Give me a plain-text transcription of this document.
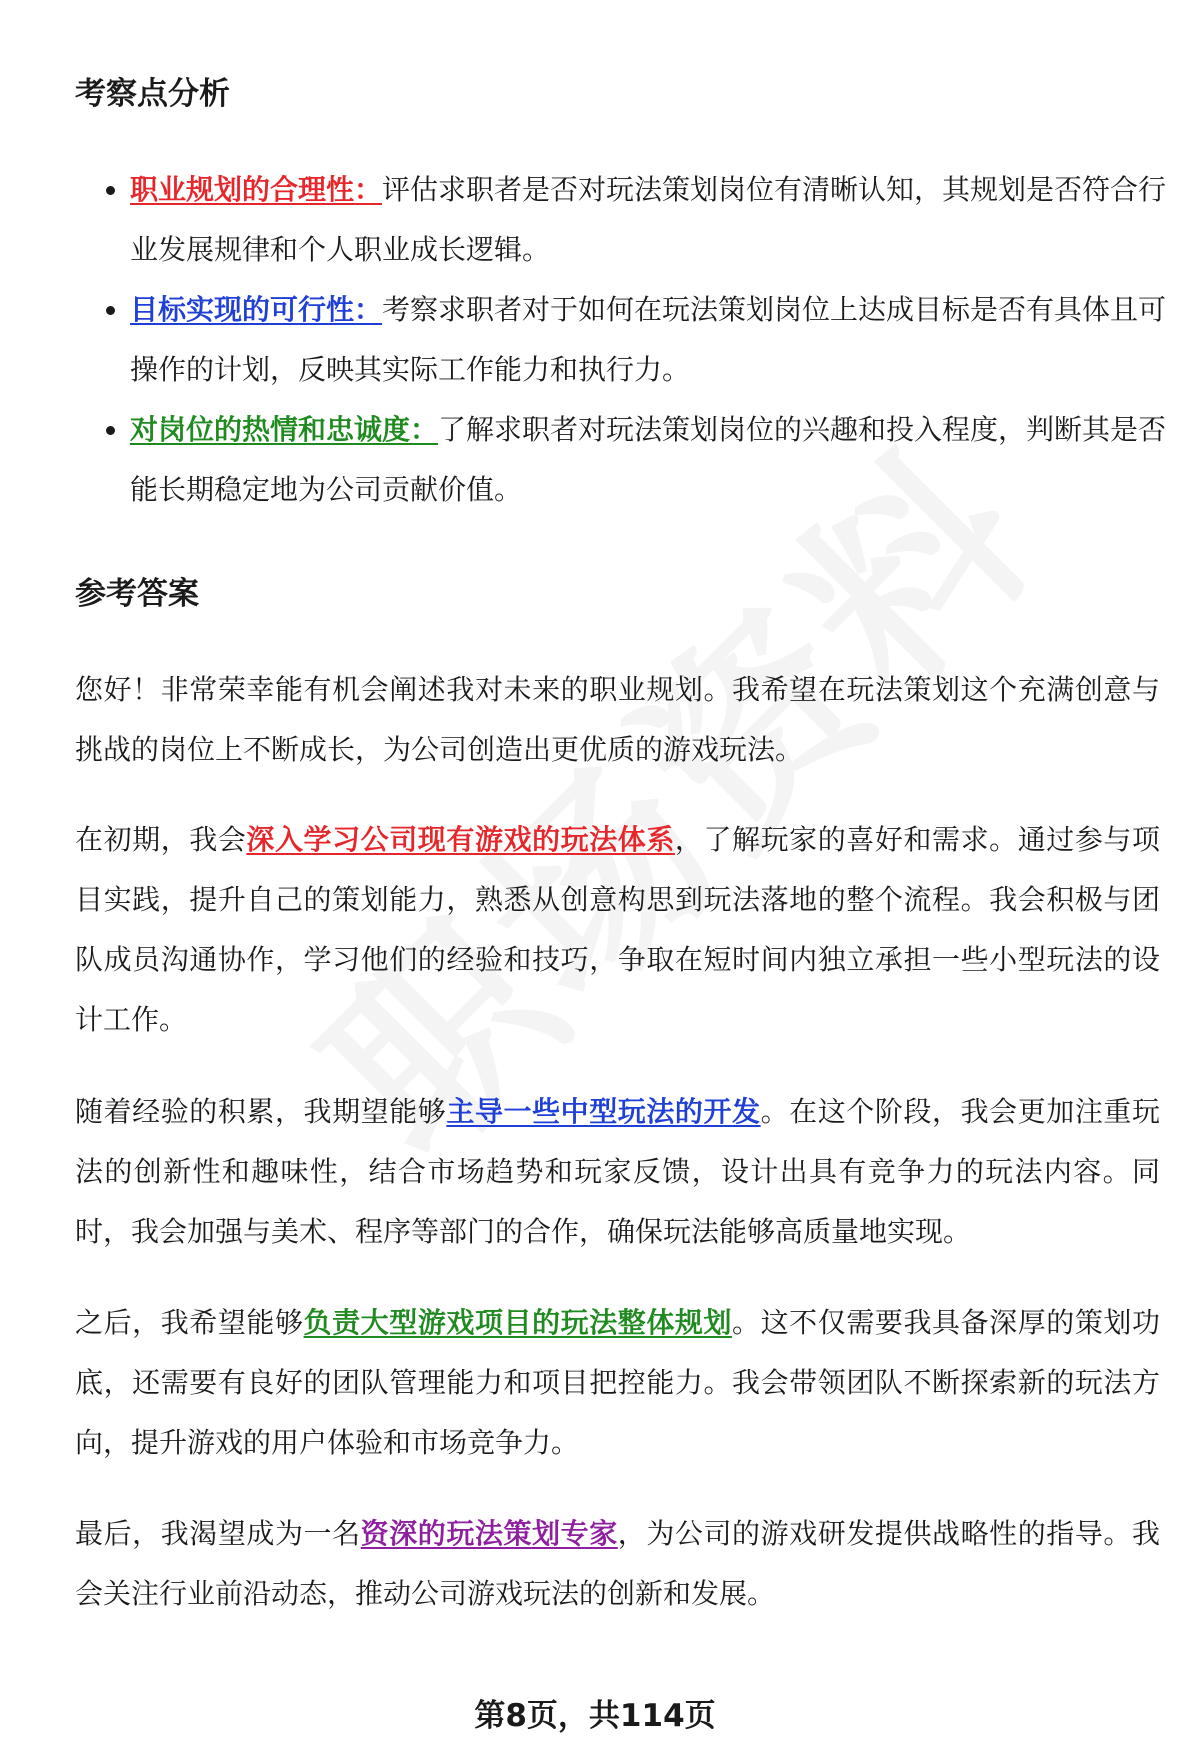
考察点分析
• 职业规划的合理性：评估求职者是否对玩法策划岗位有清晰认知，其规划是否符合行业发展规律和个人职业成长逻辑。
• 目标实现的可行性：考察求职者对于如何在玩法策划岗位上达成目标是否有具体且可操作的计划，反映其实际工作能力和执行力。
• 对岗位的热情和忠诚度：了解求职者对玩法策划岗位的兴趣和投入程度，判断其是否能长期稳定地为公司贡献价值。
参考答案

您好！非常荣幸能有机会阐述我对未来的职业规划。我希望在玩法策划这个充满创意与挑战的岗位上不断成长，为公司创造出更优质的游戏玩法。

在初期，我会深入学习公司现有游戏的玩法体系，了解玩家的喜好和需求。通过参与项目实践，提升自己的策划能力，熟悉从创意构思到玩法落地的整个流程。我会积极与团队成员沟通协作，学习他们的经验和技巧，争取在短时间内独立承担一些小型玩法的设计工作。

随着经验的积累，我期望能够主导一些中型玩法的开发。在这个阶段，我会更加注重玩法的创新性和趣味性，结合市场趋势和玩家反馈，设计出具有竞争力的玩法内容。同时，我会加强与美术、程序等部门的合作，确保玩法能够高质量地实现。

之后，我希望能够负责大型游戏项目的玩法整体规划。这不仅需要我具备深厚的策划功底，还需要有良好的团队管理能力和项目把控能力。我会带领团队不断探索新的玩法方向，提升游戏的用户体验和市场竞争力。

最后，我渴望成为一名资深的玩法策划专家，为公司的游戏研发提供战略性的指导。我会关注行业前沿动态，推动公司游戏玩法的创新和发展。

第8页，共114页
